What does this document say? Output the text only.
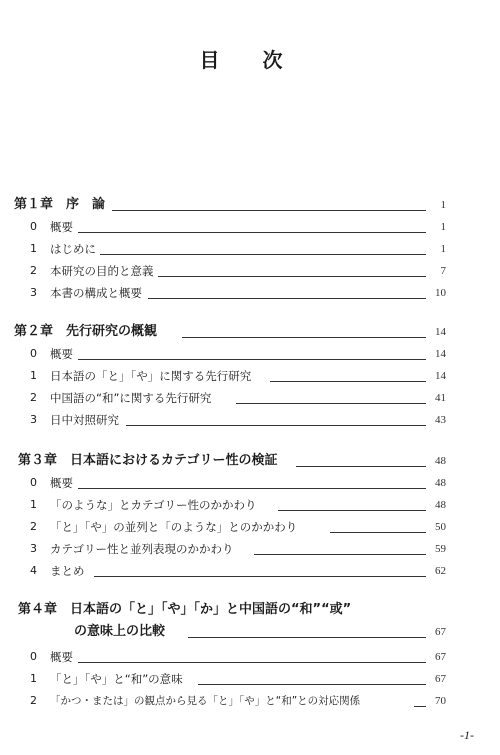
目 次
第１章　序　論	1
0 概要	1
1 はじめに	1
2 本研究の目的と意義	7
3 本書の構成と概要	10
第２章　先行研究の概観	14
0 概要	14
1 日本語の「と」「や」に関する先行研究	14
2 中国語の“和”に関する先行研究	41
3 日中対照研究	43
第３章　日本語におけるカテゴリー性の検証	48
0 概要	48
1 「のような」とカテゴリー性のかかわり	48
2 「と」「や」の並列と「のような」とのかかわり	50
3 カテゴリー性と並列表現のかかわり	59
4 まとめ	62
第４章　日本語の「と」「や」「か」と中国語の“和”“或”
の意味上の比較	67
0 概要	67
1 「と」「や」と“和”の意味	67
2 「かつ・または」の観点から見る「と」「や」と“和”との対応関係	70
-1-
